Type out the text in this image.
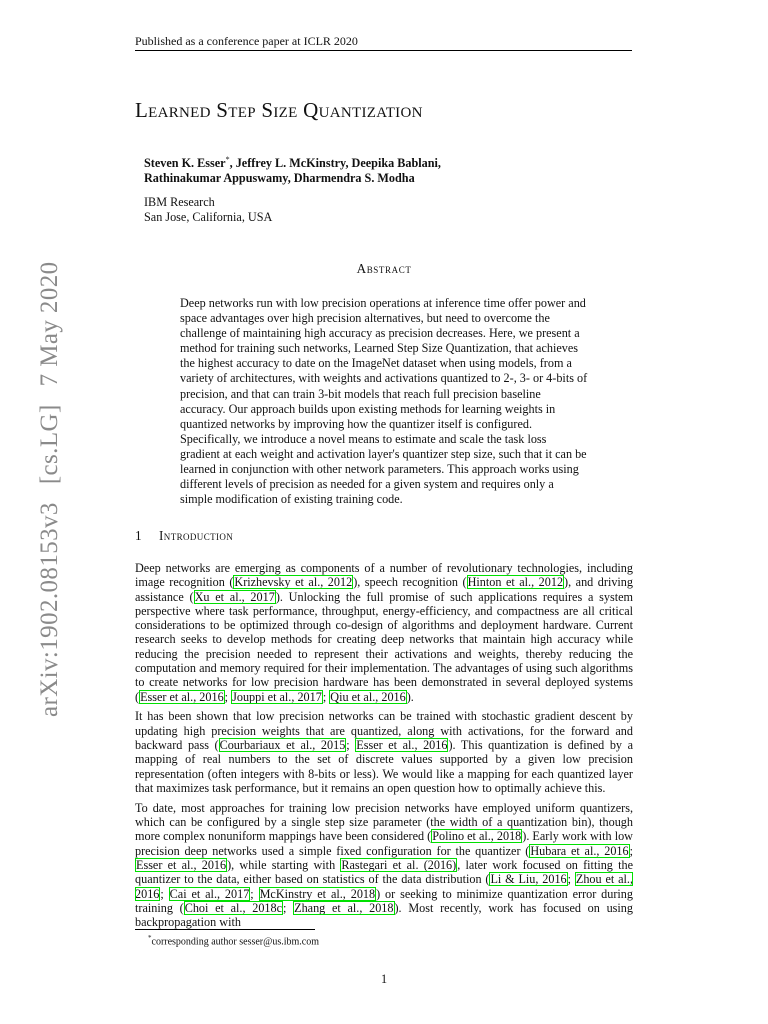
Published as a conference paper at ICLR 2020
Learned Step Size Quantization
Steven K. Esser*, Jeffrey L. McKinstry, Deepika Bablani,
Rathinakumar Appuswamy, Dharmendra S. Modha
IBM Research
San Jose, California, USA
Abstract

Deep networks run with low precision operations at inference time offer power and space advantages over high precision alternatives, but need to overcome the challenge of maintaining high accuracy as precision decreases. Here, we present a method for training such networks, Learned Step Size Quantization, that achieves the highest accuracy to date on the ImageNet dataset when using models, from a variety of architectures, with weights and activations quantized to 2-, 3- or 4-bits of precision, and that can train 3-bit models that reach full precision baseline accuracy. Our approach builds upon existing methods for learning weights in quantized networks by improving how the quantizer itself is configured. Specifically, we introduce a novel means to estimate and scale the task loss gradient at each weight and activation layer's quantizer step size, such that it can be learned in conjunction with other network parameters. This approach works using different levels of precision as needed for a given system and requires only a simple modification of existing training code.

1 Introduction

Deep networks are emerging as components of a number of revolutionary technologies, including image recognition (Krizhevsky et al., 2012), speech recognition (Hinton et al., 2012), and driving assistance (Xu et al., 2017). Unlocking the full promise of such applications requires a system perspective where task performance, throughput, energy-efficiency, and compactness are all critical considerations to be optimized through co-design of algorithms and deployment hardware. Current research seeks to develop methods for creating deep networks that maintain high accuracy while reducing the precision needed to represent their activations and weights, thereby reducing the computation and memory required for their implementation. The advantages of using such algorithms to create networks for low precision hardware has been demonstrated in several deployed systems (Esser et al., 2016; Jouppi et al., 2017; Qiu et al., 2016).

It has been shown that low precision networks can be trained with stochastic gradient descent by updating high precision weights that are quantized, along with activations, for the forward and backward pass (Courbariaux et al., 2015; Esser et al., 2016). This quantization is defined by a mapping of real numbers to the set of discrete values supported by a given low precision representation (often integers with 8-bits or less). We would like a mapping for each quantized layer that maximizes task performance, but it remains an open question how to optimally achieve this.

To date, most approaches for training low precision networks have employed uniform quantizers, which can be configured by a single step size parameter (the width of a quantization bin), though more complex nonuniform mappings have been considered (Polino et al., 2018). Early work with low precision deep networks used a simple fixed configuration for the quantizer (Hubara et al., 2016; Esser et al., 2016), while starting with Rastegari et al. (2016), later work focused on fitting the quantizer to the data, either based on statistics of the data distribution (Li & Liu, 2016; Zhou et al., 2016; Cai et al., 2017; McKinstry et al., 2018) or seeking to minimize quantization error during training (Choi et al., 2018c; Zhang et al., 2018). Most recently, work has focused on using backpropagation with

*corresponding author sesser@us.ibm.com
1
arXiv:1902.08153v3[cs.LG]7 May 2020
